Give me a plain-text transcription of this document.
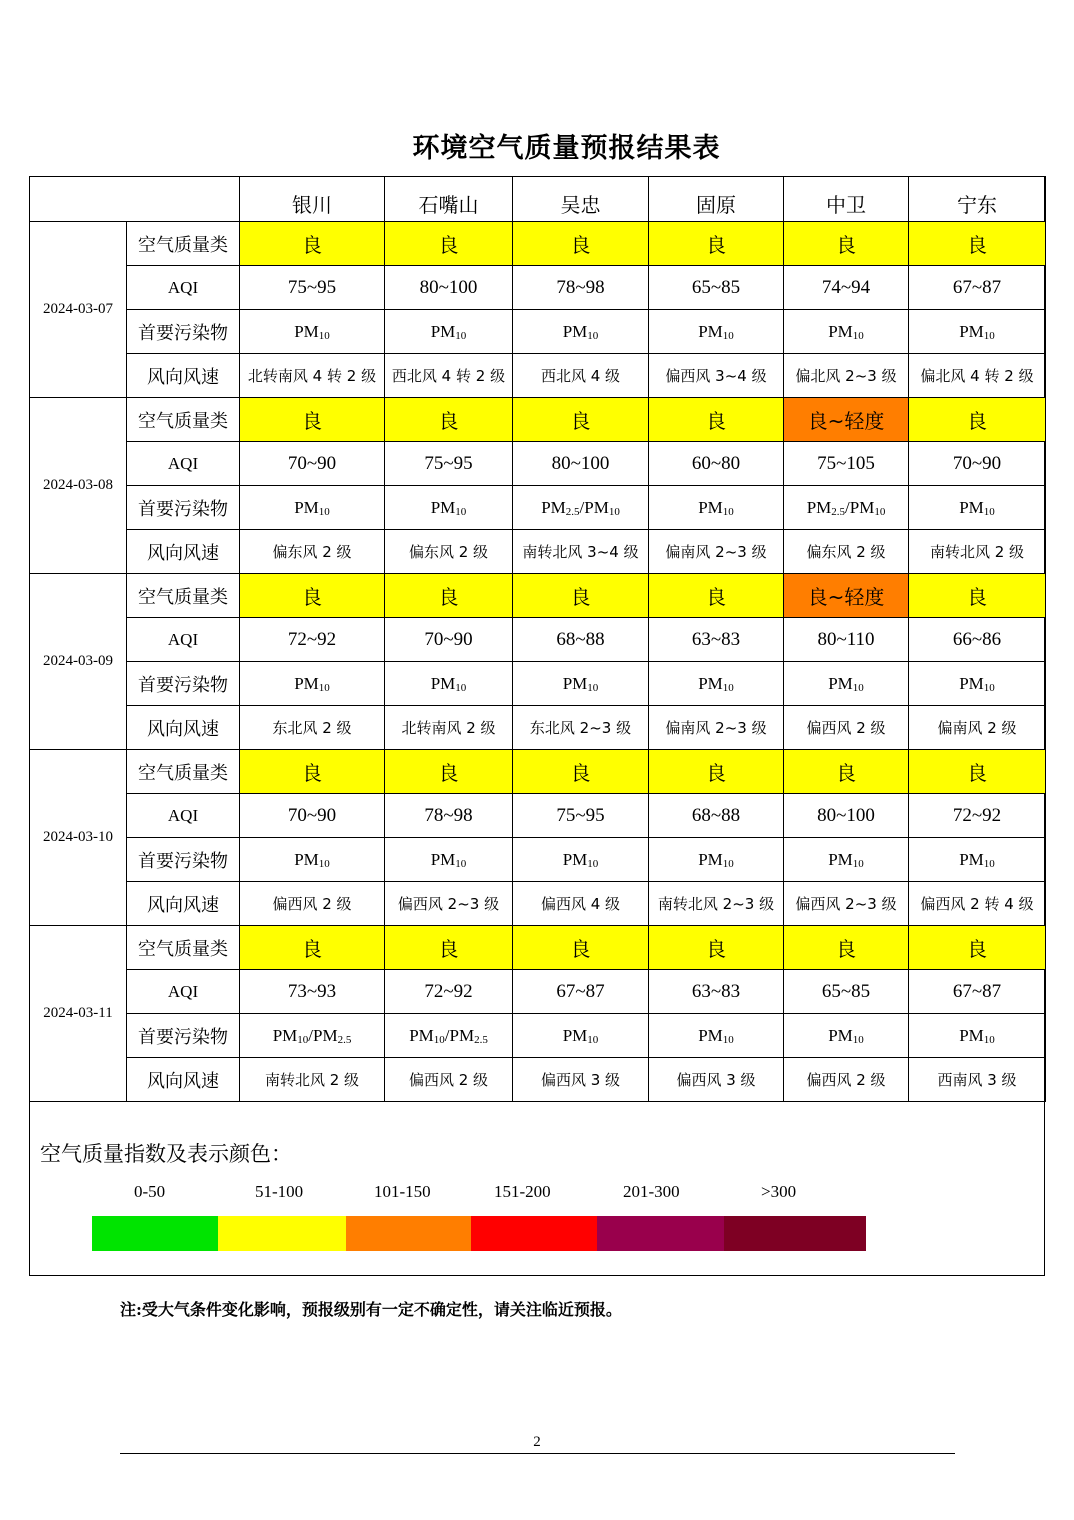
环境空气质量预报结果表
		银川	石嘴山	吴忠	固原	中卫	宁东
2024-03-07	空气质量类	良	良	良	良	良	良
	AQI	75~95	80~100	78~98	65~85	74~94	67~87
	首要污染物	$PM_{10}$	$PM_{10}$	$PM_{10}$	$PM_{10}$	$PM_{10}$	$PM_{10}$
	风向风速	北转南风 4 转 2 级	西北风 4 转 2 级	西北风 4 级	偏西风 3~4 级	偏北风 2~3 级	偏北风 4 转 2 级
2024-03-08	空气质量类	良	良	良	良	良~轻度	良
	AQI	70~90	75~95	80~100	60~80	75~105	70~90
	首要污染物	$PM_{10}$	$PM_{10}$	$PM_{2.5}/PM_{10}$	$PM_{10}$	$PM_{2.5}/PM_{10}$	$PM_{10}$
	风向风速	偏东风 2 级	偏东风 2 级	南转北风 3~4 级	偏南风 2~3 级	偏东风 2 级	南转北风 2 级
2024-03-09	空气质量类	良	良	良	良	良~轻度	良
	AQI	72~92	70~90	68~88	63~83	80~110	66~86
	首要污染物	$PM_{10}$	$PM_{10}$	$PM_{10}$	$PM_{10}$	$PM_{10}$	$PM_{10}$
	风向风速	东北风 2 级	北转南风 2 级	东北风 2~3 级	偏南风 2~3 级	偏西风 2 级	偏南风 2 级
2024-03-10	空气质量类	良	良	良	良	良	良
	AQI	70~90	78~98	75~95	68~88	80~100	72~92
	首要污染物	$PM_{10}$	$PM_{10}$	$PM_{10}$	$PM_{10}$	$PM_{10}$	$PM_{10}$
	风向风速	偏西风 2 级	偏西风 2~3 级	偏西风 4 级	南转北风 2~3 级	偏西风 2~3 级	偏西风 2 转 4 级
2024-03-11	空气质量类	良	良	良	良	良	良
	AQI	73~93	72~92	67~87	63~83	65~85	67~87
	首要污染物	$PM_{10}/PM_{2.5}$	$PM_{10}/PM_{2.5}$	$PM_{10}$	$PM_{10}$	$PM_{10}$	$PM_{10}$
	风向风速	南转北风 2 级	偏西风 2 级	偏西风 3 级	偏西风 3 级	偏西风 2 级	西南风 3 级
空气质量指数及表示颜色：
0-50	51-100	101-150	151-200	201-300	>300
注:受大气条件变化影响，预报级别有一定不确定性，请关注临近预报。
2
